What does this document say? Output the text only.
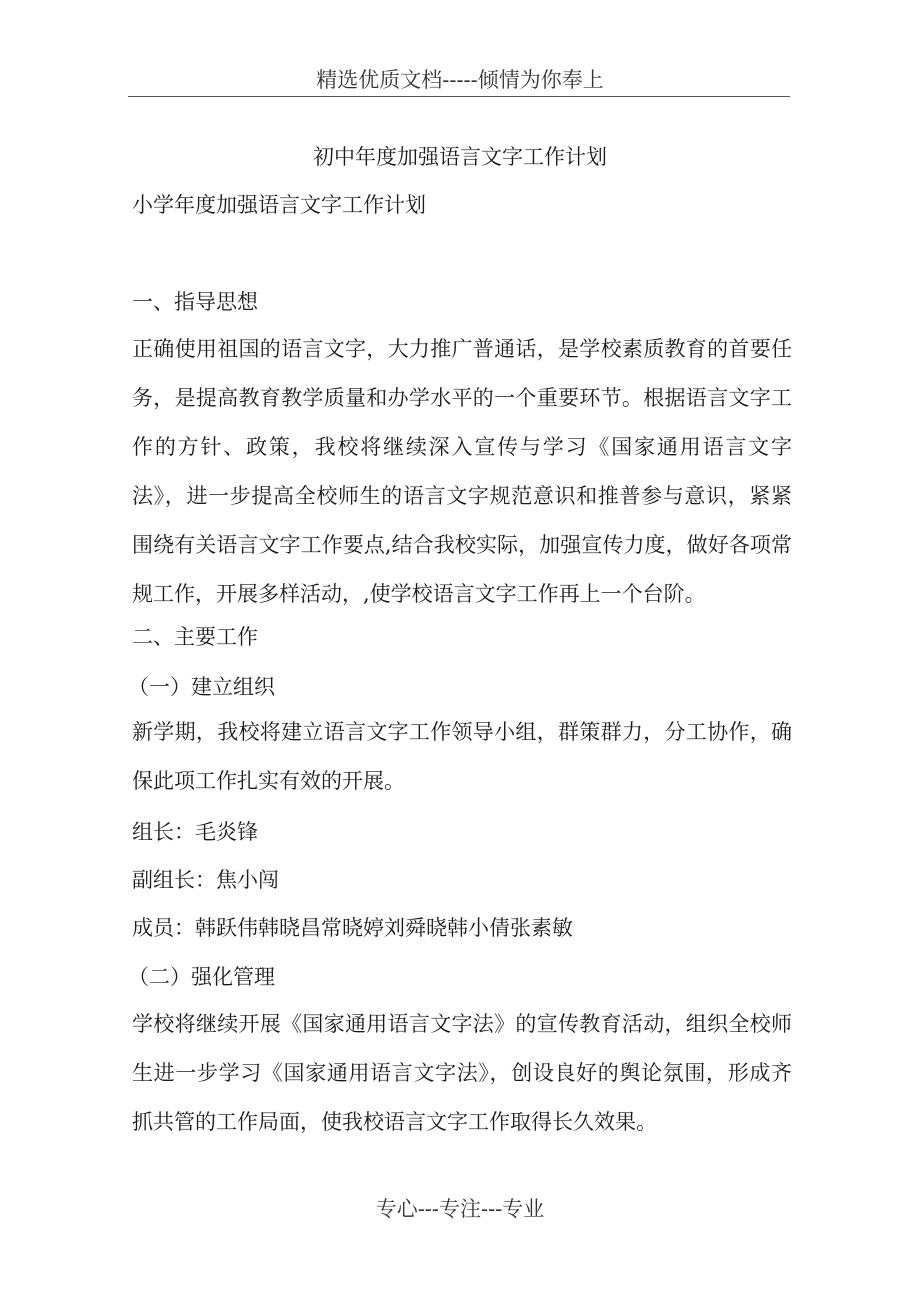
精选优质文档-----倾情为你奉上
初中年度加强语言文字工作计划
小学年度加强语言文字工作计划
一、指导思想
正确使用祖国的语言文字，大力推广普通话，是学校素质教育的首要任务，是提高教育教学质量和办学水平的一个重要环节。根据语言文字工作的方针、政策，我校将继续深入宣传与学习《国家通用语言文字法》，进一步提高全校师生的语言文字规范意识和推普参与意识，紧紧围绕有关语言文字工作要点,结合我校实际，加强宣传力度，做好各项常规工作，开展多样活动，,使学校语言文字工作再上一个台阶。
二、主要工作
（一）建立组织
新学期，我校将建立语言文字工作领导小组，群策群力，分工协作，确保此项工作扎实有效的开展。
组长：毛炎锋
副组长：焦小闯
成员：韩跃伟韩晓昌常晓婷刘舜晓韩小倩张素敏
（二）强化管理
学校将继续开展《国家通用语言文字法》的宣传教育活动，组织全校师生进一步学习《国家通用语言文字法》，创设良好的舆论氛围，形成齐抓共管的工作局面，使我校语言文字工作取得长久效果。
专心---专注---专业
